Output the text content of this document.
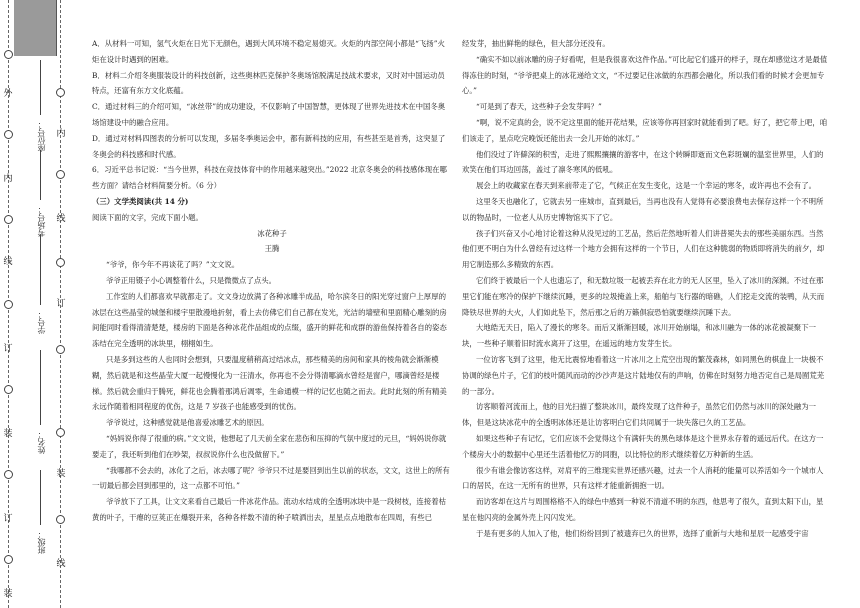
外
内
线
订
装
内
线
订
装
线
订
装
座位号：
考场号：
学号：
姓名：
班级：

A．从材料一可知，氢气火炬在日光下无颜色，遇到大风环境不稳定易熄灭。火炬的内部空间小都是“飞扬”火炬在设计时遇到的困难。

B．材料二介绍冬奥服装设计的科技创新，这些奥林匹克保护冬奥场馆脱满足技战术要求，又时对中国运动员特点，还富有东方文化底蕴。

C．通过材料三的介绍可知，“冰丝带”的成功建设，不仅影响了中国智慧，更体现了世界先进技术在中国冬奥场馆建设中的融合应用。

D．通过对材料四图表的分析可以发现，多届冬季奥运会中，都有新科技的应用，有些甚至是首秀，这突显了冬奥会的科技感和时代感。

6．习近平总书记说：“当今世界，科技在竞技体育中的作用越来越突出。”2022 北京冬奥会的科技感体现在哪些方面？请结合材料简要分析。（6 分）

（三）文学类阅读(共 14 分)

阅读下面的文字，完成下面小题。

冰花种子

王腾

“爷爷，你今年不再谈花了吗？”文文说。

爷爷正用镊子小心调整着什么，只是微微点了点头。

工作室的人们都喜欢早就都走了。文文身边放满了各种冰雕半成品，哈尔滨冬日的阳光穿过窗户上厚厚的冰层在这些晶莹的城堡和楼宇里散漫地折射，看上去仿佛它们自己都在发光，光洁的墙壁和里面精心雕刻的房间能同时看得清清楚楚，楼房的下面是各种冰花作品组成的点缀，盛开的鲜花和成群的游鱼保持着各自的姿态冻结在完全透明的冰块里，栩栩如生。

只是多到这些的人也同时会想到，只要温度稍稍高过结冰点，那些精美的房间和家具的棱角就会渐渐模糊，然后就是和这些晶莹大厦一起慢慢化为一汪清水，你再也不会分得清哪滴水曾经是窗户，哪滴曾经是楼梯。然后就会重归于腾死，鲜花也会腾着那鸿后凋零，生命通模一样的记忆也随之而去。此时此刻的所有精美永远作随着相同程度的优伤，这是 7 岁孩子也能感受到的忧伤。

爷爷说过，这种感觉就是他喜爱冰雕艺术的原因。

“妈妈说你得了很重的病。”文文说，他想起了几天前全家在悲伤和压抑的气氛中度过的元旦，“妈妈说你就要走了，我还听到他们在吵架，叔叔说你什么也没做留下。”

“我哪都不会去的，冰化了之后，冰去哪了呢？爷爷只不过是要回到出生以前的状态，文文，这世上的所有一切最后都会回到那里的，这一点都不可怕。”

爷爷放下了工具，让文文来看自己最后一件冰花作品。流动水结成的全透明冰块中是一段树枝，连接着枯黄的叶子，干瘪的豆荚正在爆裂开来，各种各样数不清的种子喷洒出去，星星点点地散布在四周，有些已

经发芽，抽出鲜艳的绿色，但大部分还没有。

“确实不如以前冰雕的房子好看呢，但是我很喜欢这件作品。”可比起它们盛开的样子，现在却感觉这才是最值得冻住的时刻，“爷爷把桌上的冰花递给文文，“不过要记住冰做的东西都会融化，所以我们看的时候才会更加专心。”

“可是到了春天，这些种子会发芽吗？”

“啊，说不定真的会，说不定这里面的能开花结果，应该等你再回家时就能看到了吧。好了，把它带上吧，咱们该走了，星点吃完晚饭还能出去一会儿开始的冰灯。”

他们没过了许僻深的积雪，走进了熙熙攘攘的游客中，在这个转瞬即逝而文色彩斑斓的温室世界里，人们的欢笑在他们耳边回荡，盖过了凛冬寒风的低吼。

展会上的收藏家在春天到来前带走了它，气候正在发生变化，这是一个幸运的寒冬，或许再也不会有了。

这里冬天也融化了，它就去另一座城市，直到最后，当再也没有人觉得有必要浪费电去保存这样一个不明所以的物品时，一位老人从历史博物馆买下了它。

孩子们兴奋又小心地讨论着这种从没见过的工艺品，然后茫然地听着人们讲普冕失去的那些美丽东西。当然他们更不明白为什么曾经有过这样一个地方会拥有这样的一个节日，人们在这种脆弱的物质即将消失的前夕，却用它制造那么多精致的东西。

它们终于被最后一个人也遗忘了，和无数垃圾一起被丢弃在北方的无人区里，坠入了冰川的深渊。不过在那里它们能在寒冷的保护下继续沉睡，更多的垃圾掩盖上来，船舶与飞行器的暗礁，人们挖走交流的装鸭，从天而降铁尽世界的大火，人们如此坠下，然后那之后的万籁俱寂恐怕就要继续沉睡下去。

大地皓无天日，陷入了漫长的寒冬。而后又渐渐回暖，冰川开始崩塌，和冰川融为一体的冰花被凝聚下一块，一些种子顺着旧时流水离开了这里，在遥远的地方发芽生长。

一位访客飞到了这里，他无比震惊地看着这一片冰川之上荒空出现的繁茂森林，如同黑色的棋盘上一块极不协调的绿色片子，它们的枝叶随风而动的沙沙声是这片陆地仅有的声响，仿佛在时刻努力地否定自己是局囿荒芜的一部分。

访客顺着河流而上，他的目光扫描了整块冰川，最终发现了这件种子，虽然它们仍然与冰川的深处融为一体，但是这块冰花中的全透明冰体还是让访客明白它们共同属于一块失落已久的工艺品。

如果这些种子有记忆，它们应该不会觉得这个有满轩失的黑色球体是这个世界永存着的遥远后代。在这方一个楼房大小的数据中心里还生活着他忆万的同胞，以比特位的形式继续着亿万种新的生活。

很少有谁会像访客这样，对肩平的三维现实世界还感兴趣，过去一个人消耗的能量可以养活如今一个城市人口的居民，在这一无所有的世界，只有这样才能重新拥抱一切。

而访客却在这片与周围格格不入的绿色中感到一种说不清道不明的东西，他思考了很久，直到太阳下山，星星在他闪亮的金属外壳上闪闪发光。

于是有更多的人加入了他，他们纷纷回到了被遗弃已久的世界，选择了重新与大地和星辰一起感受宇宙
